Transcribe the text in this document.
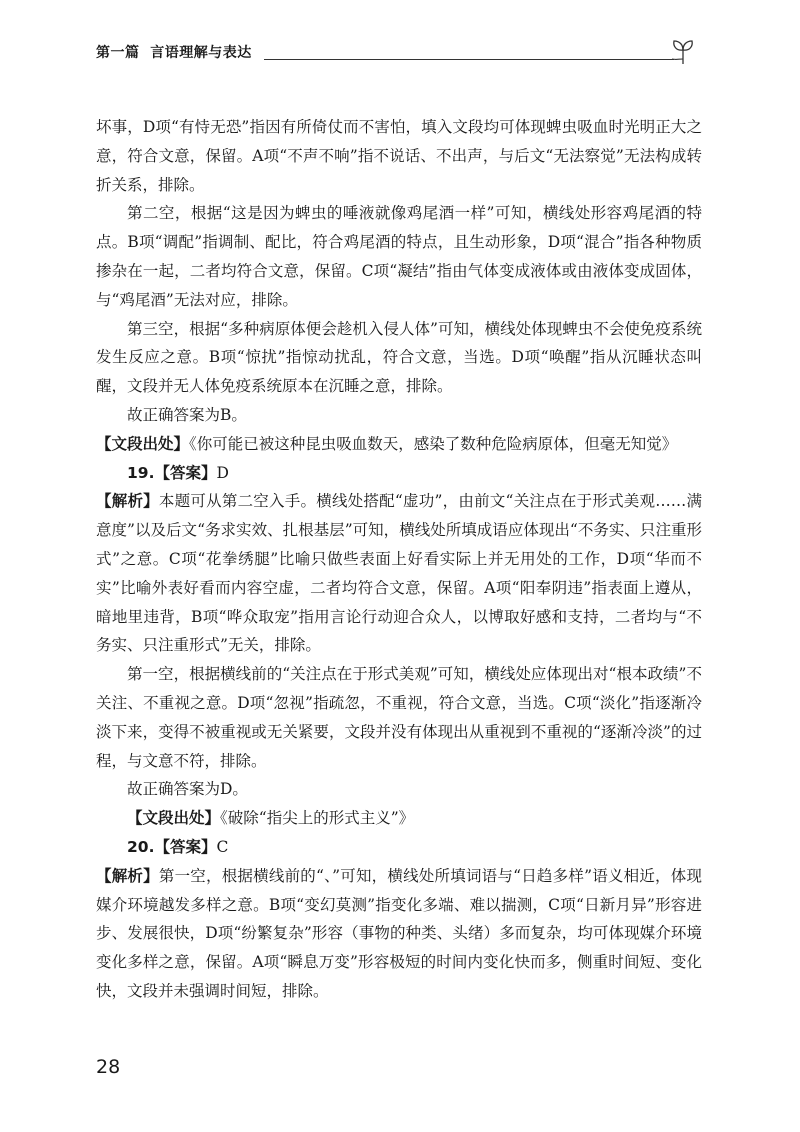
第一篇 言语理解与表达

坏事，D项“有恃无恐”指因有所倚仗而不害怕，填入文段均可体现蜱虫吸血时光明正大之意，符合文意，保留。A项“不声不响”指不说话、不出声，与后文“无法察觉”无法构成转折关系，排除。

第二空，根据“这是因为蜱虫的唾液就像鸡尾酒一样”可知，横线处形容鸡尾酒的特点。B项“调配”指调制、配比，符合鸡尾酒的特点，且生动形象，D项“混合”指各种物质掺杂在一起，二者均符合文意，保留。C项“凝结”指由气体变成液体或由液体变成固体，与“鸡尾酒”无法对应，排除。

第三空，根据“多种病原体便会趁机入侵人体”可知，横线处体现蜱虫不会使免疫系统发生反应之意。B项“惊扰”指惊动扰乱，符合文意，当选。D项“唤醒”指从沉睡状态叫醒，文段并无人体免疫系统原本在沉睡之意，排除。

故正确答案为B。

【文段出处】《你可能已被这种昆虫吸血数天，感染了数种危险病原体，但毫无知觉》

19.【答案】D

【解析】本题可从第二空入手。横线处搭配“虚功”，由前文“关注点在于形式美观……满意度”以及后文“务求实效、扎根基层”可知，横线处所填成语应体现出“不务实、只注重形式”之意。C项“花拳绣腿”比喻只做些表面上好看实际上并无用处的工作，D项“华而不实”比喻外表好看而内容空虚，二者均符合文意，保留。A项“阳奉阴违”指表面上遵从，暗地里违背，B项“哗众取宠”指用言论行动迎合众人，以博取好感和支持，二者均与“不务实、只注重形式”无关，排除。

第一空，根据横线前的“关注点在于形式美观”可知，横线处应体现出对“根本政绩”不关注、不重视之意。D项“忽视”指疏忽，不重视，符合文意，当选。C项“淡化”指逐渐冷淡下来，变得不被重视或无关紧要，文段并没有体现出从重视到不重视的“逐渐冷淡”的过程，与文意不符，排除。

故正确答案为D。

【文段出处】《破除“指尖上的形式主义”》

20.【答案】C

【解析】第一空，根据横线前的“、”可知，横线处所填词语与“日趋多样”语义相近，体现媒介环境越发多样之意。B项“变幻莫测”指变化多端、难以揣测，C项“日新月异”形容进步、发展很快，D项“纷繁复杂”形容（事物的种类、头绪）多而复杂，均可体现媒介环境变化多样之意，保留。A项“瞬息万变”形容极短的时间内变化快而多，侧重时间短、变化快，文段并未强调时间短，排除。

28
